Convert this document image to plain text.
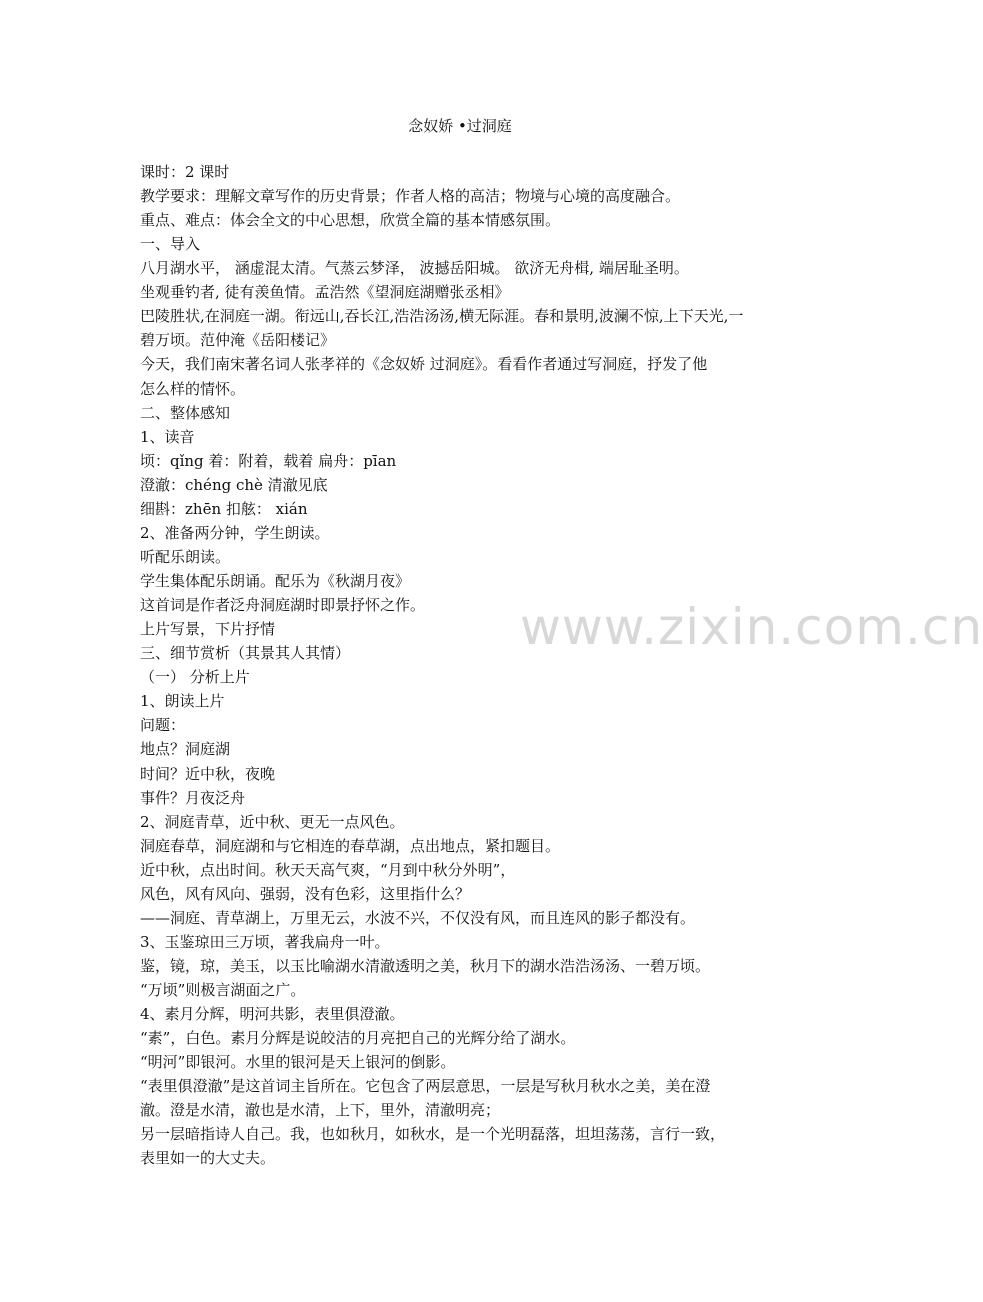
念奴娇 •过洞庭
课时：2 课时
教学要求：理解文章写作的历史背景；作者人格的高洁；物境与心境的高度融合。
重点、难点：体会全文的中心思想，欣赏全篇的基本情感氛围。
一、导入
八月湖水平， 涵虚混太清。气蒸云梦泽， 波撼岳阳城。 欲济无舟楫, 端居耻圣明。
坐观垂钓者, 徒有羡鱼情。孟浩然《望洞庭湖赠张丞相》
巴陵胜状,在洞庭一湖。衔远山,吞长江,浩浩汤汤,横无际涯。春和景明,波澜不惊,上下天光,一
碧万顷。范仲淹《岳阳楼记》
今天，我们南宋著名词人张孝祥的《念奴娇 过洞庭》。看看作者通过写洞庭，抒发了他
怎么样的情怀。
二、整体感知
1、读音
顷：qǐng 着：附着，载着 扁舟：pīan
澄澈：chéng chè 清澈见底
细斟：zhēn 扣舷： xián
2、准备两分钟，学生朗读。
听配乐朗读。
学生集体配乐朗诵。配乐为《秋湖月夜》
这首词是作者泛舟洞庭湖时即景抒怀之作。
上片写景，下片抒情
三、细节赏析（其景其人其情）
（一） 分析上片
1、朗读上片
问题：
地点？洞庭湖
时间？近中秋，夜晚
事件？月夜泛舟
2、洞庭青草，近中秋、更无一点风色。
洞庭春草，洞庭湖和与它相连的春草湖，点出地点，紧扣题目。
近中秋，点出时间。秋天天高气爽，“月到中秋分外明”，
风色，风有风向、强弱，没有色彩，这里指什么？
——洞庭、青草湖上，万里无云，水波不兴，不仅没有风，而且连风的影子都没有。
3、玉鉴琼田三万顷，著我扁舟一叶。
鉴，镜，琼，美玉，以玉比喻湖水清澈透明之美，秋月下的湖水浩浩汤汤、一碧万顷。
“万顷”则极言湖面之广。
4、素月分辉，明河共影，表里俱澄澈。
“素”，白色。素月分辉是说皎洁的月亮把自己的光辉分给了湖水。
“明河”即银河。水里的银河是天上银河的倒影。
“表里俱澄澈”是这首词主旨所在。它包含了两层意思，一层是写秋月秋水之美，美在澄
澈。澄是水清，澈也是水清，上下，里外，清澈明亮；
另一层暗指诗人自己。我，也如秋月，如秋水，是一个光明磊落，坦坦荡荡，言行一致，
表里如一的大丈夫。
www.zixin.com.cn
